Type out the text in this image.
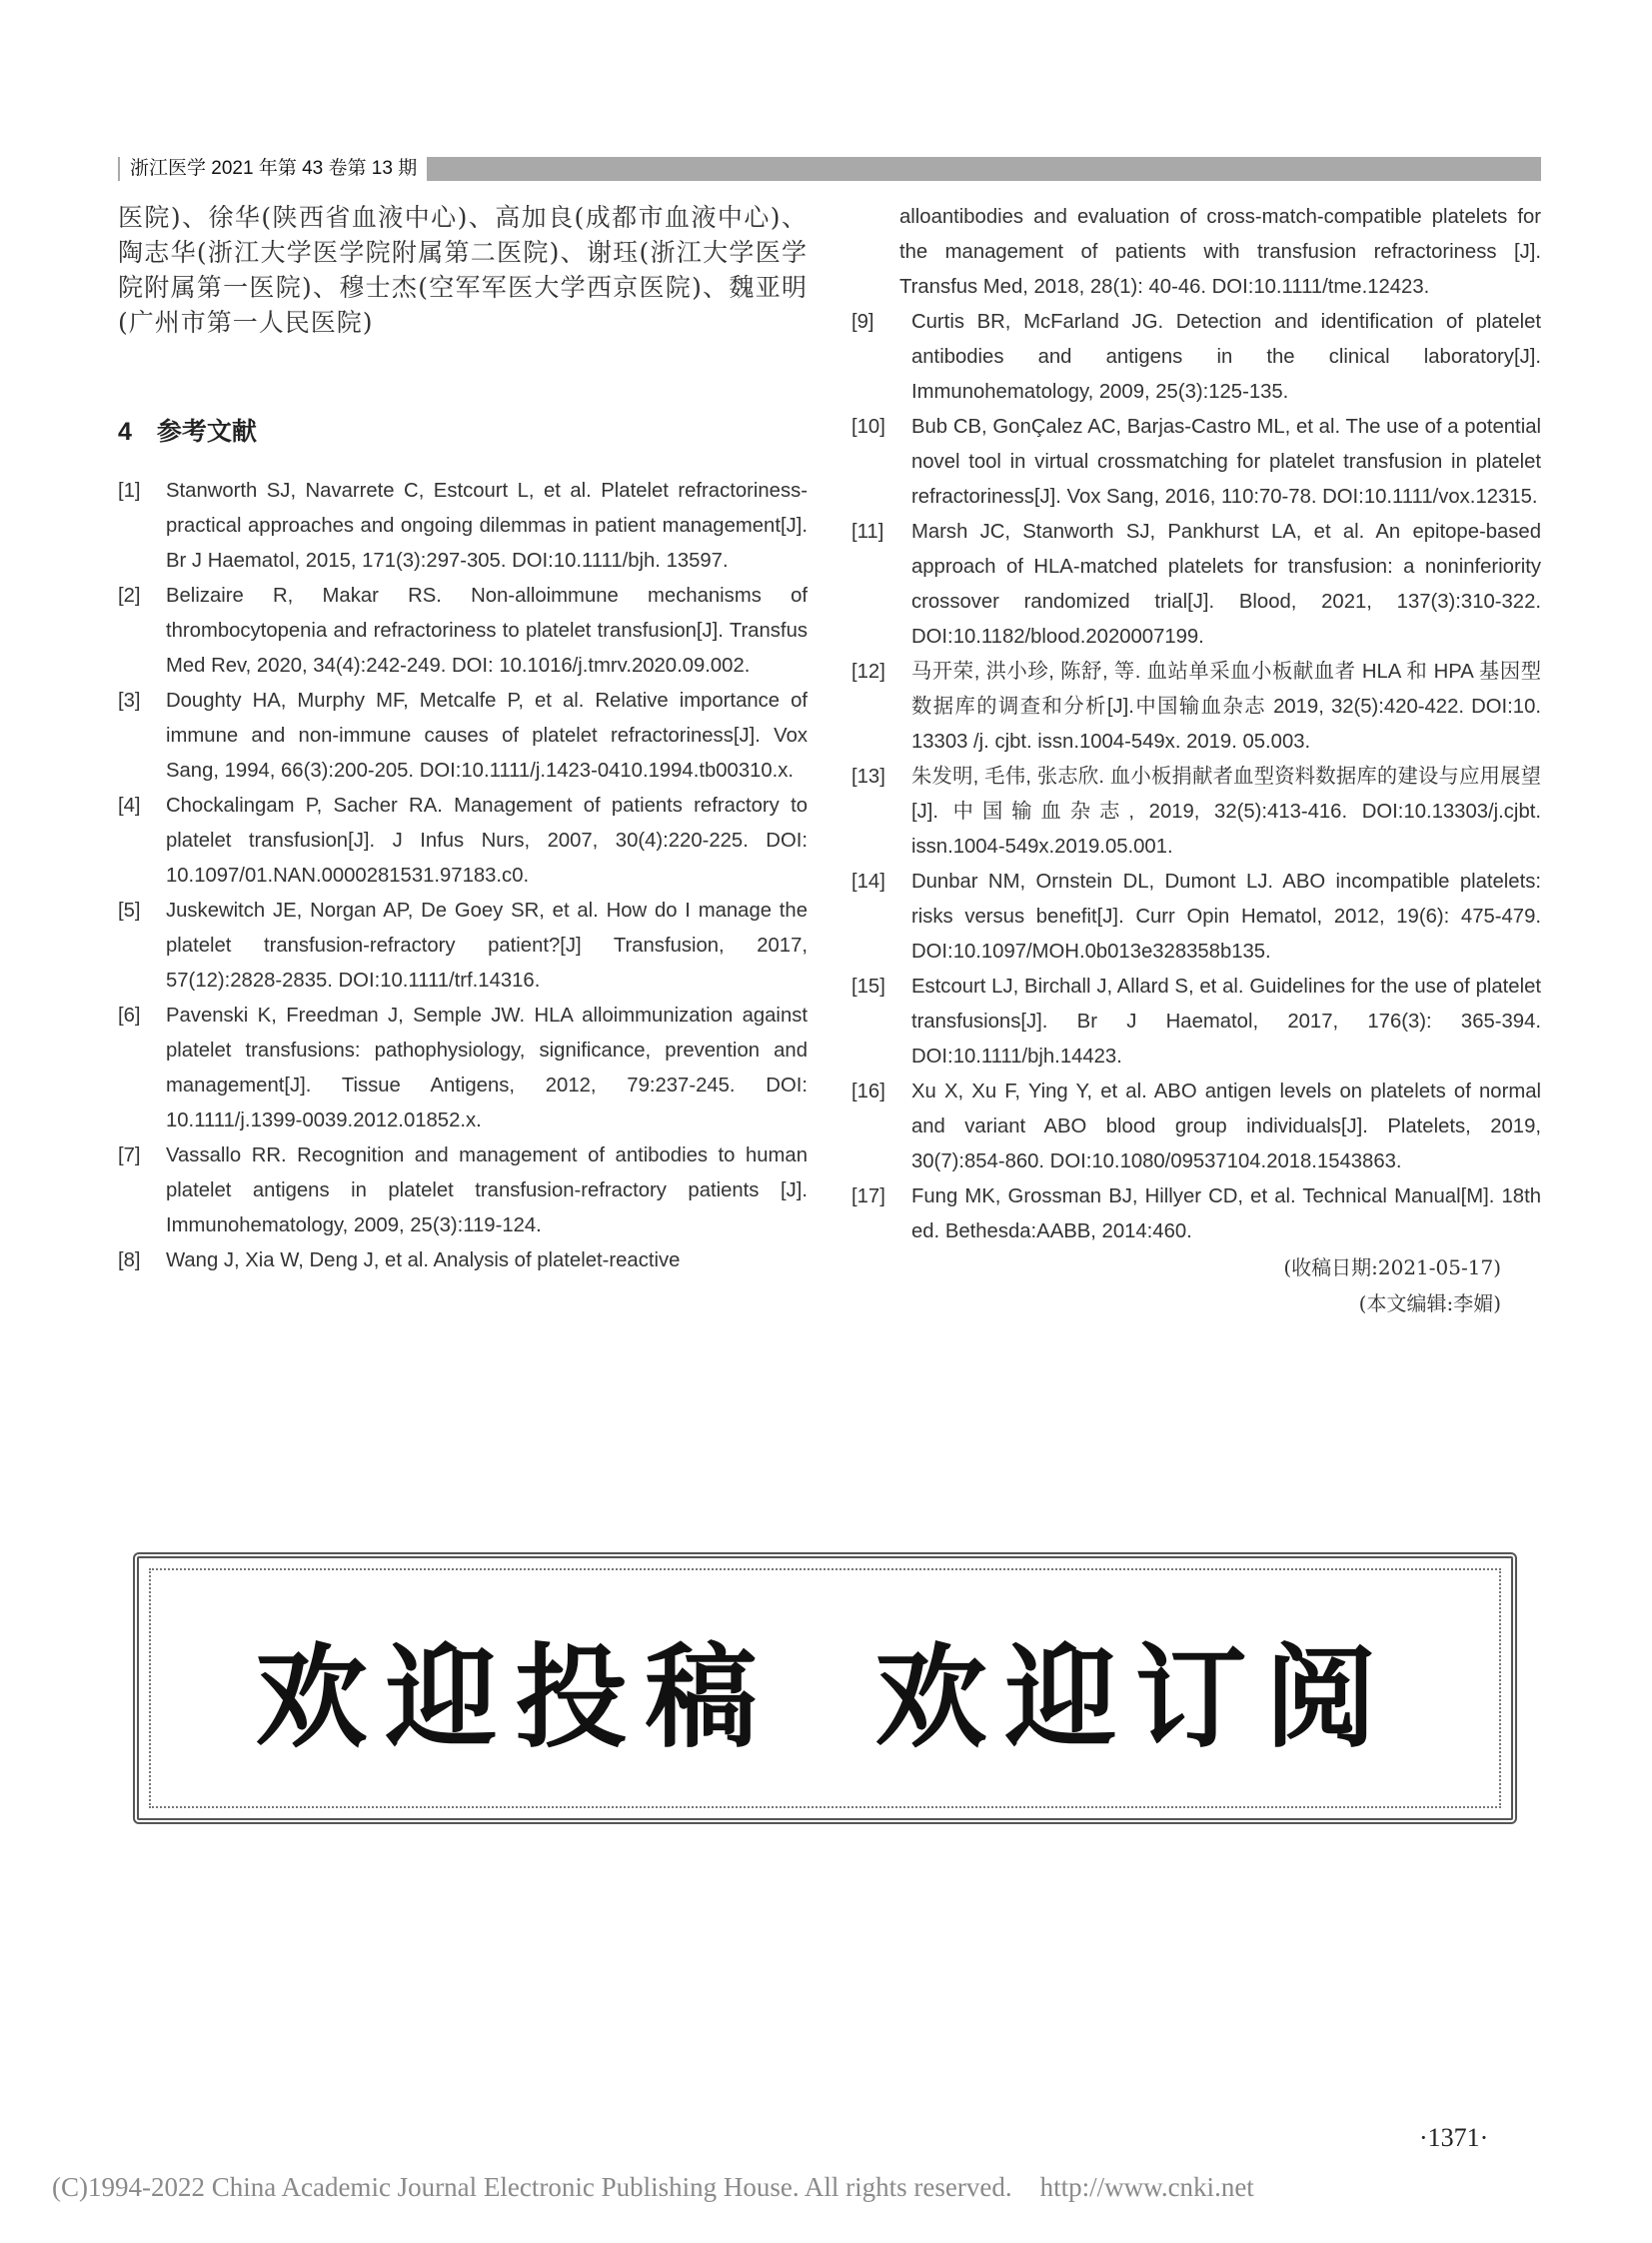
浙江医学 2021 年第 43 卷第 13 期

医院)、徐华(陕西省血液中心)、高加良(成都市血液中心)、陶志华(浙江大学医学院附属第二医院)、谢珏(浙江大学医学院附属第一医院)、穆士杰(空军军医大学西京医院)、魏亚明(广州市第一人民医院)

4　参考文献
[1]	Stanworth SJ, Navarrete C, Estcourt L, et al. Platelet refractoriness-practical approaches and ongoing dilemmas in patient management[J]. Br J Haematol, 2015, 171(3):297-305. DOI:10.1111/bjh. 13597.
[2]	Belizaire R, Makar RS. Non-alloimmune mechanisms of thrombocytopenia and refractoriness to platelet transfusion[J]. Transfus Med Rev, 2020, 34(4):242-249. DOI: 10.1016/j.tmrv.2020.09.002.
[3]	Doughty HA, Murphy MF, Metcalfe P, et al. Relative importance of immune and non-immune causes of platelet refractoriness[J]. Vox Sang, 1994, 66(3):200-205. DOI:10.1111/j.1423-0410.1994.tb00310.x.
[4]	Chockalingam P, Sacher RA. Management of patients refractory to platelet transfusion[J]. J Infus Nurs, 2007, 30(4):220-225. DOI: 10.1097/01.NAN.0000281531.97183.c0.
[5]	Juskewitch JE, Norgan AP, De Goey SR, et al. How do I manage the platelet transfusion-refractory patient?[J] Transfusion, 2017, 57(12):2828-2835. DOI:10.1111/trf.14316.
[6]	Pavenski K, Freedman J, Semple JW. HLA alloimmunization against platelet transfusions: pathophysiology, significance, prevention and management[J]. Tissue Antigens, 2012, 79:237-245. DOI: 10.1111/j.1399-0039.2012.01852.x.
[7]	Vassallo RR. Recognition and management of antibodies to human platelet antigens in platelet transfusion-refractory patients [J]. Immunohematology, 2009, 25(3):119-124.
[8]	Wang J, Xia W, Deng J, et al. Analysis of platelet-reactive

alloantibodies and evaluation of cross-match-compatible platelets for the management of patients with transfusion refractoriness [J]. Transfus Med, 2018, 28(1): 40-46. DOI:10.1111/tme.12423.

[9]	Curtis BR, McFarland JG. Detection and identification of platelet antibodies and antigens in the clinical laboratory[J]. Immunohematology, 2009, 25(3):125-135.
[10]	Bub CB, GonÇalez AC, Barjas-Castro ML, et al. The use of a potential novel tool in virtual crossmatching for platelet transfusion in platelet refractoriness[J]. Vox Sang, 2016, 110:70-78. DOI:10.1111/vox.12315.
[11]	Marsh JC, Stanworth SJ, Pankhurst LA, et al. An epitope-based approach of HLA-matched platelets for transfusion: a noninferiority crossover randomized trial[J]. Blood, 2021, 137(3):310-322. DOI:10.1182/blood.2020007199.
[12]	马开荣, 洪小珍, 陈舒, 等. 血站单采血小板献血者 HLA 和 HPA 基因型数据库的调查和分析[J].中国输血杂志 2019, 32(5):420-422. DOI:10. 13303 /j. cjbt. issn.1004-549x. 2019. 05.003.
[13]	朱发明, 毛伟, 张志欣. 血小板捐献者血型资料数据库的建设与应用展望[J]. 中国输血杂志, 2019, 32(5):413-416. DOI:10.13303/j.cjbt. issn.1004-549x.2019.05.001.
[14]	Dunbar NM, Ornstein DL, Dumont LJ. ABO incompatible platelets: risks versus benefit[J]. Curr Opin Hematol, 2012, 19(6): 475-479. DOI:10.1097/MOH.0b013e328358b135.
[15]	Estcourt LJ, Birchall J, Allard S, et al. Guidelines for the use of platelet transfusions[J]. Br J Haematol, 2017, 176(3): 365-394. DOI:10.1111/bjh.14423.
[16]	Xu X, Xu F, Ying Y, et al. ABO antigen levels on platelets of normal and variant ABO blood group individuals[J]. Platelets, 2019, 30(7):854-860. DOI:10.1080/09537104.2018.1543863.
[17]	Fung MK, Grossman BJ, Hillyer CD, et al. Technical Manual[M]. 18th ed. Bethesda:AABB, 2014:460.
(收稿日期:2021-05-17)
(本文编辑:李媚)
欢迎投稿 欢迎订阅
·1371·
(C)1994-2022 China Academic Journal Electronic Publishing House. All rights reserved. http://www.cnki.net
